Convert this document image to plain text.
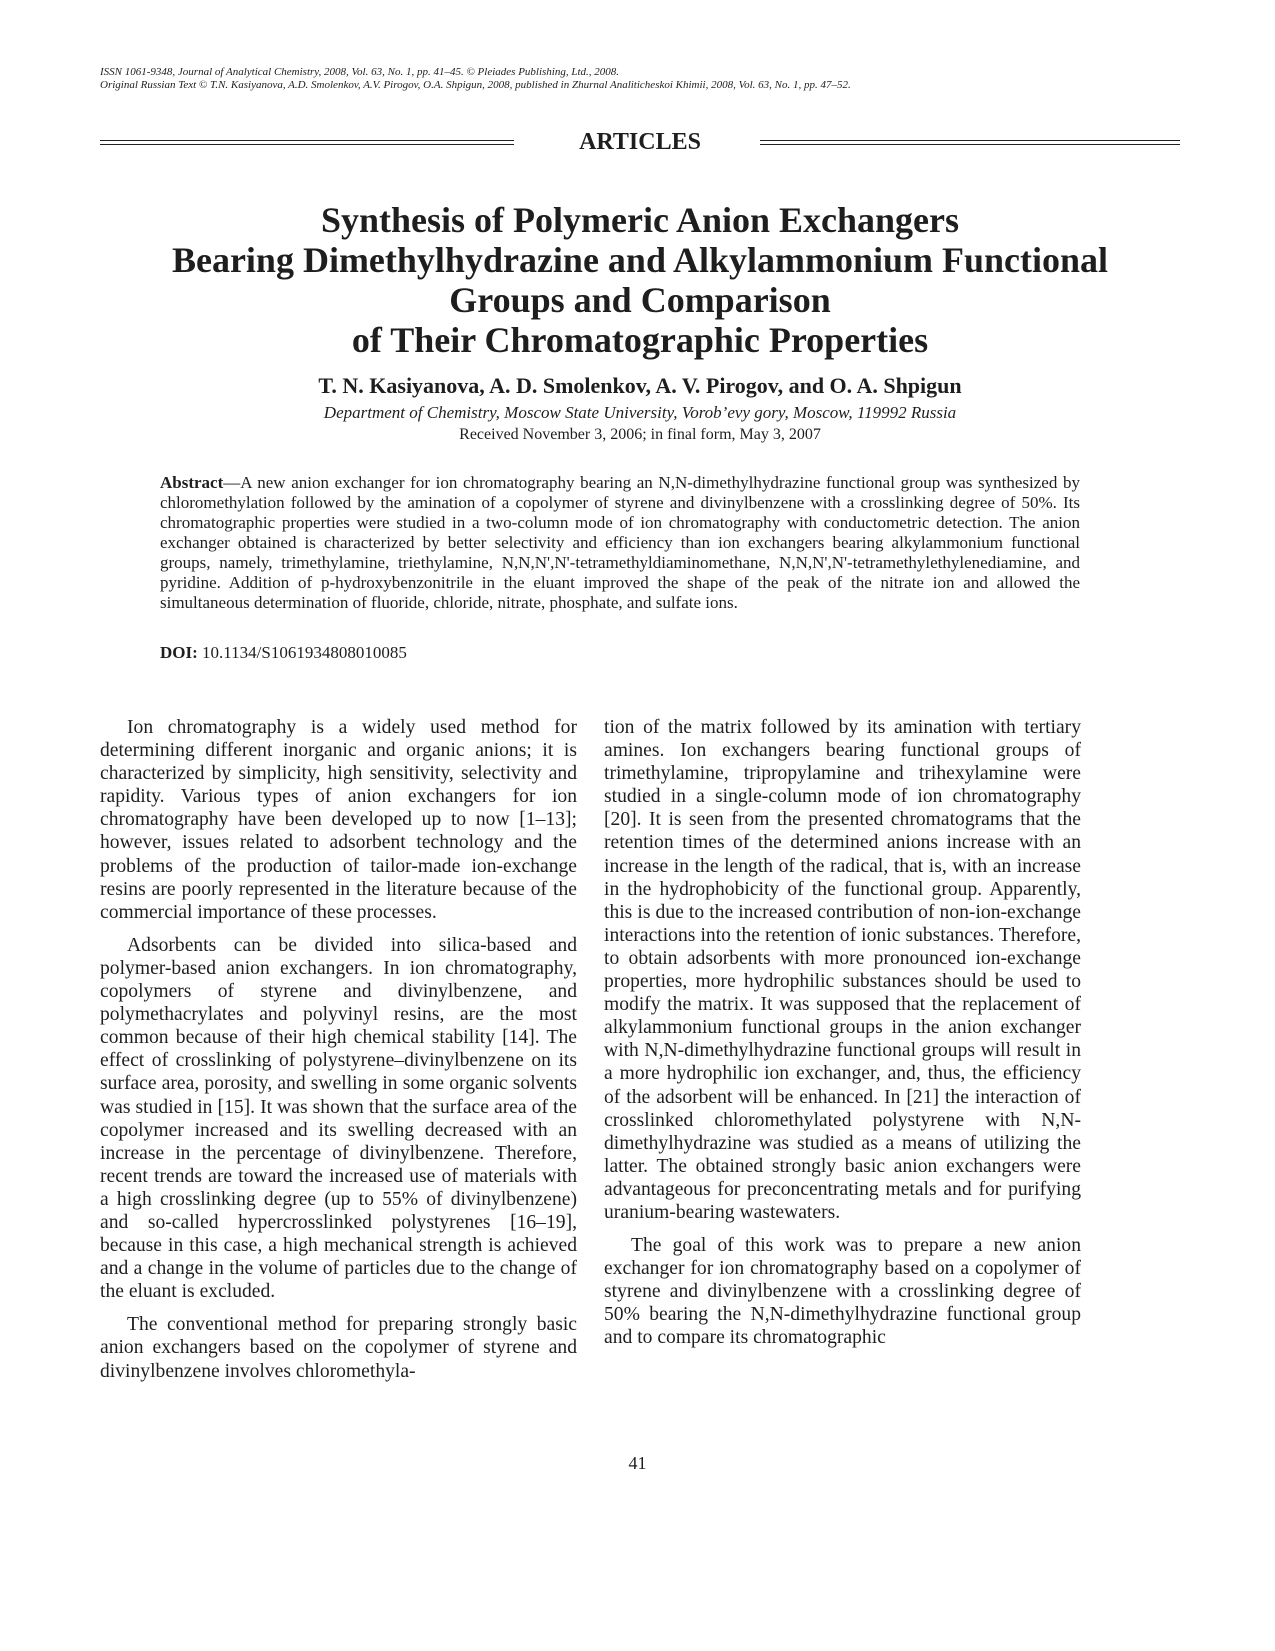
ISSN 1061-9348, Journal of Analytical Chemistry, 2008, Vol. 63, No. 1, pp. 41–45. © Pleiades Publishing, Ltd., 2008.
Original Russian Text © T.N. Kasiyanova, A.D. Smolenkov, A.V. Pirogov, O.A. Shpigun, 2008, published in Zhurnal Analiticheskoi Khimii, 2008, Vol. 63, No. 1, pp. 47–52.
ARTICLES
Synthesis of Polymeric Anion Exchangers
Bearing Dimethylhydrazine and Alkylammonium Functional
Groups and Comparison
of Their Chromatographic Properties
T. N. Kasiyanova, A. D. Smolenkov, A. V. Pirogov, and O. A. Shpigun
Department of Chemistry, Moscow State University, Vorob’evy gory, Moscow, 119992 Russia
Received November 3, 2006; in final form, May 3, 2007
Abstract—A new anion exchanger for ion chromatography bearing an N,N-dimethylhydrazine functional group was synthesized by chloromethylation followed by the amination of a copolymer of styrene and divinylbenzene with a crosslinking degree of 50%. Its chromatographic properties were studied in a two-column mode of ion chromatography with conductometric detection. The anion exchanger obtained is characterized by better selectivity and efficiency than ion exchangers bearing alkylammonium functional groups, namely, trimethylamine, triethylamine, N,N,N',N'-tetramethyldiaminomethane, N,N,N',N'-tetramethylethylenediamine, and pyridine. Addition of p-hydroxybenzonitrile in the eluant improved the shape of the peak of the nitrate ion and allowed the simultaneous determination of fluoride, chloride, nitrate, phosphate, and sulfate ions.
DOI: 10.1134/S1061934808010085

Ion chromatography is a widely used method for determining different inorganic and organic anions; it is characterized by simplicity, high sensitivity, selectivity and rapidity. Various types of anion exchangers for ion chromatography have been developed up to now [1–13]; however, issues related to adsorbent technology and the problems of the production of tailor-made ion-exchange resins are poorly represented in the literature because of the commercial importance of these processes.

Adsorbents can be divided into silica-based and polymer-based anion exchangers. In ion chromatography, copolymers of styrene and divinylbenzene, and polymethacrylates and polyvinyl resins, are the most common because of their high chemical stability [14]. The effect of crosslinking of polystyrene–divinylbenzene on its surface area, porosity, and swelling in some organic solvents was studied in [15]. It was shown that the surface area of the copolymer increased and its swelling decreased with an increase in the percentage of divinylbenzene. Therefore, recent trends are toward the increased use of materials with a high crosslinking degree (up to 55% of divinylbenzene) and so-called hypercrosslinked polystyrenes [16–19], because in this case, a high mechanical strength is achieved and a change in the volume of particles due to the change of the eluant is excluded.

The conventional method for preparing strongly basic anion exchangers based on the copolymer of styrene and divinylbenzene involves chloromethyla-

tion of the matrix followed by its amination with tertiary amines. Ion exchangers bearing functional groups of trimethylamine, tripropylamine and trihexylamine were studied in a single-column mode of ion chromatography [20]. It is seen from the presented chromatograms that the retention times of the determined anions increase with an increase in the length of the radical, that is, with an increase in the hydrophobicity of the functional group. Apparently, this is due to the increased contribution of non-ion-exchange interactions into the retention of ionic substances. Therefore, to obtain adsorbents with more pronounced ion-exchange properties, more hydrophilic substances should be used to modify the matrix. It was supposed that the replacement of alkylammonium functional groups in the anion exchanger with N,N-dimethylhydrazine functional groups will result in a more hydrophilic ion exchanger, and, thus, the efficiency of the adsorbent will be enhanced. In [21] the interaction of crosslinked chloromethylated polystyrene with N,N-dimethylhydrazine was studied as a means of utilizing the latter. The obtained strongly basic anion exchangers were advantageous for preconcentrating metals and for purifying uranium-bearing wastewaters.

The goal of this work was to prepare a new anion exchanger for ion chromatography based on a copolymer of styrene and divinylbenzene with a crosslinking degree of 50% bearing the N,N-dimethylhydrazine functional group and to compare its chromatographic

41
